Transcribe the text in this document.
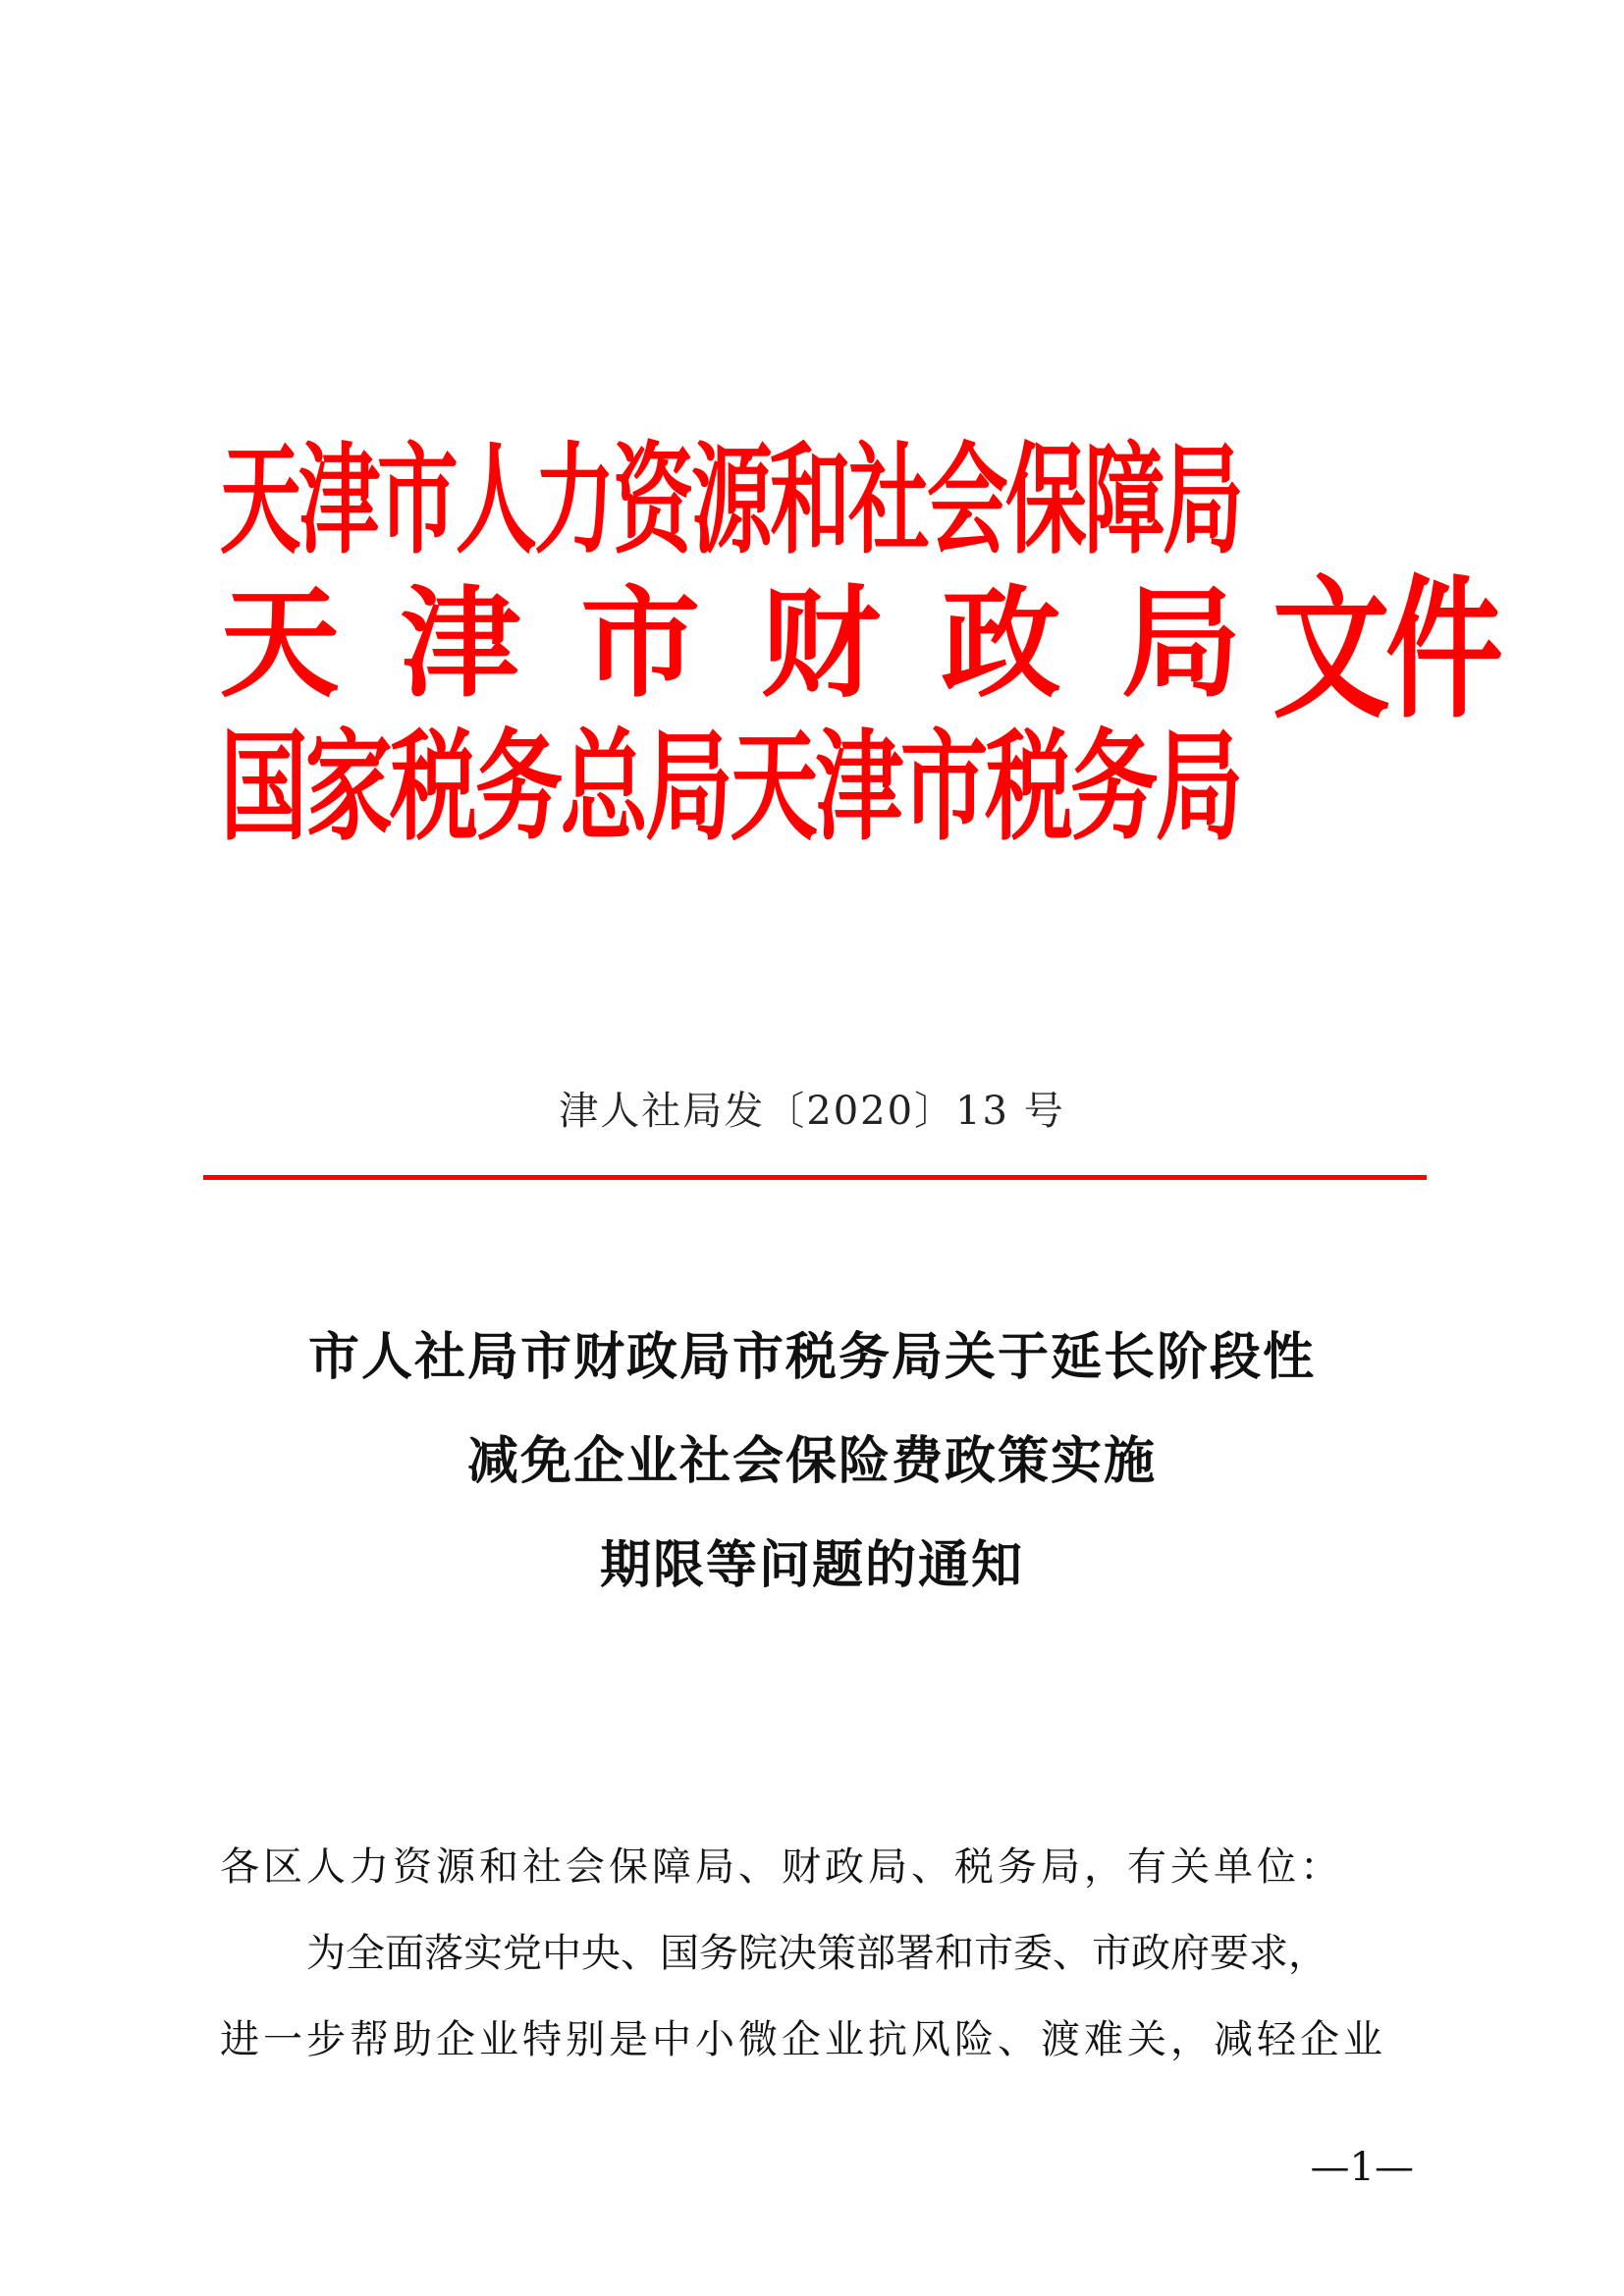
天津市人力资源和社会保障局
天 津 市 财 政 局 文件
国家税务总局天津市税务局
津人社局发〔2020〕13 号
市人社局市财政局市税务局关于延长阶段性
减免企业社会保险费政策实施
期限等问题的通知

各区人力资源和社会保障局、财政局、税务局，有关单位：

为全面落实党中央、国务院决策部署和市委、市政府要求，

进一步帮助企业特别是中小微企业抗风险、渡难关，减轻企业

—1—
